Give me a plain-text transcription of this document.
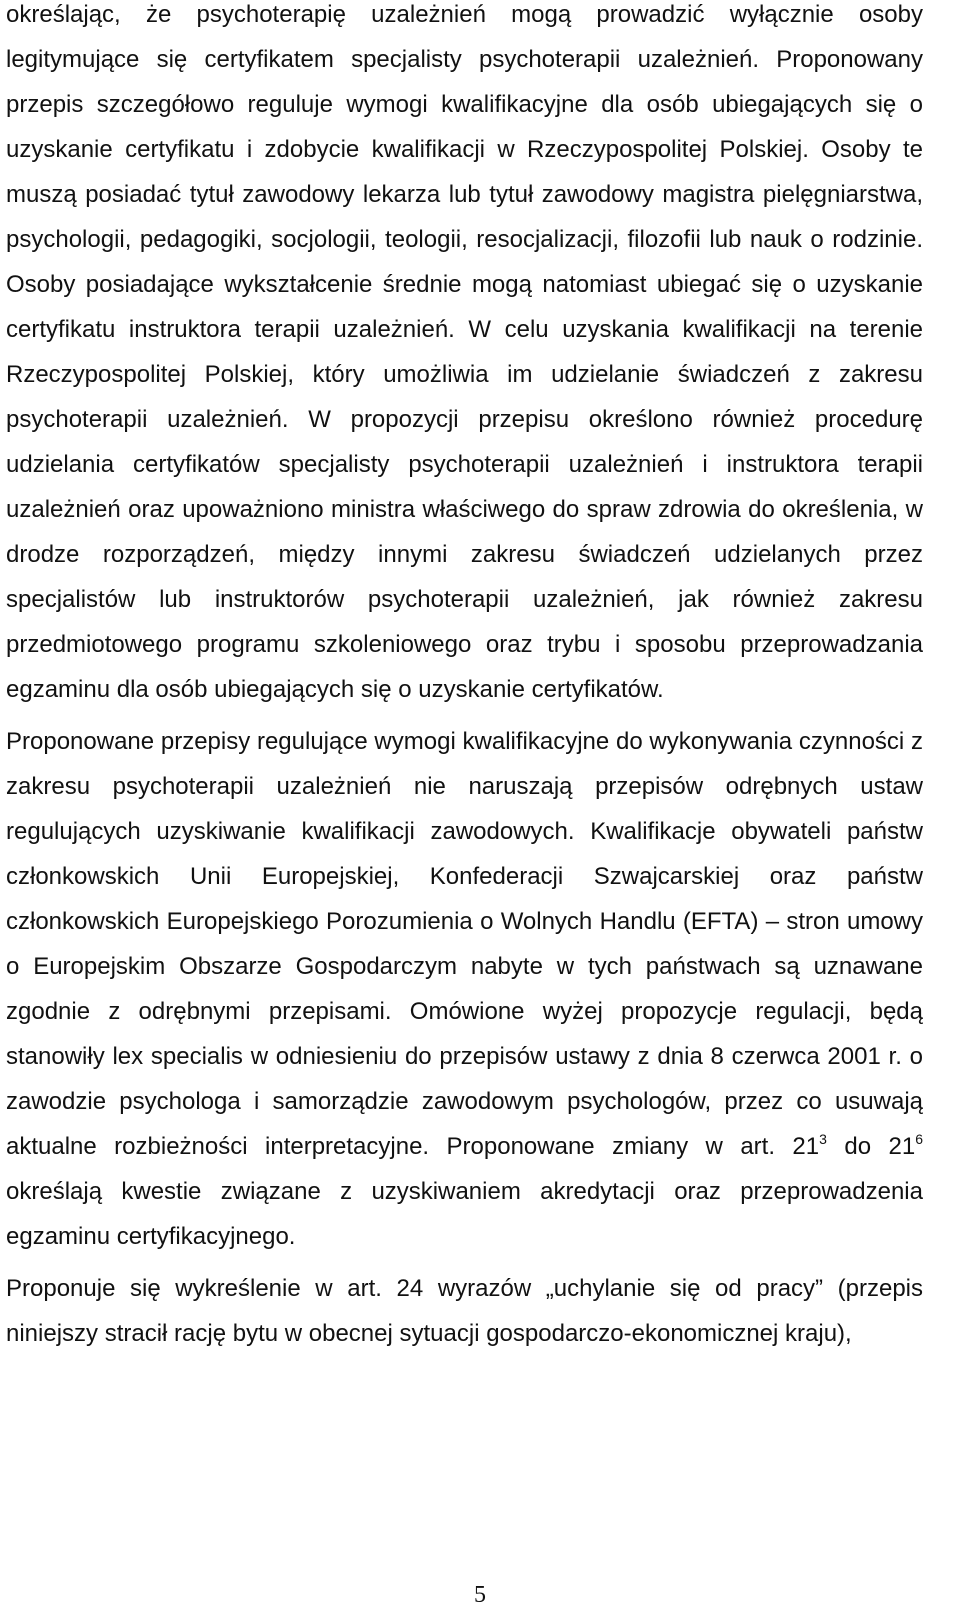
określając, że psychoterapię uzależnień mogą prowadzić wyłącznie osoby legitymujące się certyfikatem specjalisty psychoterapii uzależnień. Proponowany przepis szczegółowo reguluje wymogi kwalifikacyjne dla osób ubiegających się o uzyskanie certyfikatu i zdobycie kwalifikacji w Rzeczypospolitej Polskiej. Osoby te muszą posiadać tytuł zawodowy lekarza lub tytuł zawodowy magistra pielęgniarstwa, psychologii, pedagogiki, socjologii, teologii, resocjalizacji, filozofii lub nauk o rodzinie. Osoby posiadające wykształcenie średnie mogą natomiast ubiegać się o uzyskanie certyfikatu instruktora terapii uzależnień. W celu uzyskania kwalifikacji na terenie Rzeczypospolitej Polskiej, który umożliwia im udzielanie świadczeń z zakresu psychoterapii uzależnień. W propozycji przepisu określono również procedurę udzielania certyfikatów specjalisty psychoterapii uzależnień i instruktora terapii uzależnień oraz upoważniono ministra właściwego do spraw zdrowia do określenia, w drodze rozporządzeń, między innymi zakresu świadczeń udzielanych przez specjalistów lub instruktorów psychoterapii uzależnień, jak również zakresu przedmiotowego programu szkoleniowego oraz trybu i sposobu przeprowadzania egzaminu dla osób ubiegających się o uzyskanie certyfikatów.

Proponowane przepisy regulujące wymogi kwalifikacyjne do wykonywania czynności z zakresu psychoterapii uzależnień nie naruszają przepisów odrębnych ustaw regulujących uzyskiwanie kwalifikacji zawodowych. Kwalifikacje obywateli państw członkowskich Unii Europejskiej, Konfederacji Szwajcarskiej oraz państw członkowskich Europejskiego Porozumienia o Wolnych Handlu (EFTA) – stron umowy o Europejskim Obszarze Gospodarczym nabyte w tych państwach są uznawane zgodnie z odrębnymi przepisami. Omówione wyżej propozycje regulacji, będą stanowiły lex specialis w odniesieniu do przepisów ustawy z dnia 8 czerwca 2001 r. o zawodzie psychologa i samorządzie zawodowym psychologów, przez co usuwają aktualne rozbieżności interpretacyjne. Proponowane zmiany w art. $21^3$ do $21^6$ określają kwestie związane z uzyskiwaniem akredytacji oraz przeprowadzenia egzaminu certyfikacyjnego.

Proponuje się wykreślenie w art. 24 wyrazów „uchylanie się od pracy” (przepis niniejszy stracił rację bytu w obecnej sytuacji gospodarczo-ekonomicznej kraju),

5
